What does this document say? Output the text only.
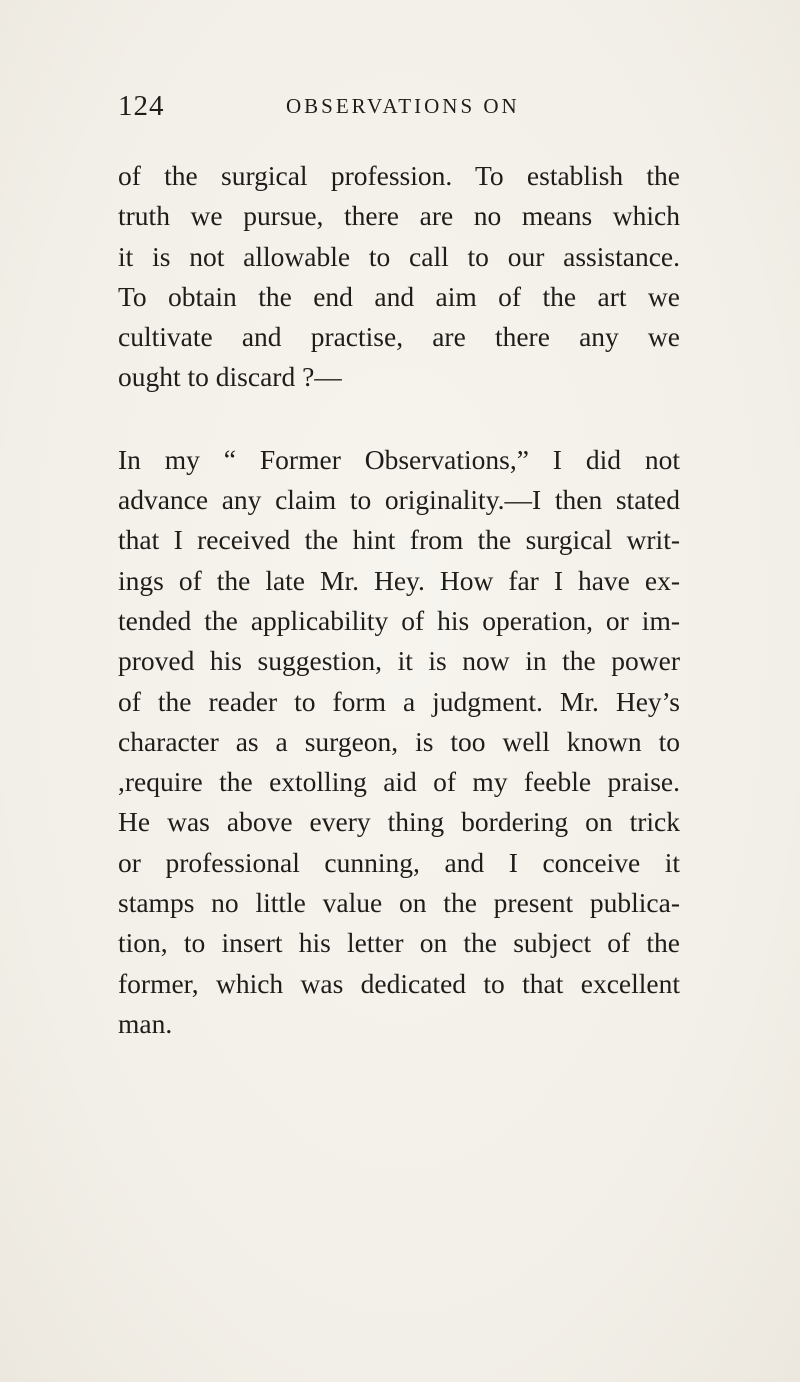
124	OBSERVATIONS ON
of the surgical profession. To establish the
truth we pursue, there are no means which
it is not allowable to call to our assistance.
To obtain the end and aim of the art we
cultivate and practise, are there any we
ought to discard ?—
In my “ Former Observations,” I did not
advance any claim to originality.—I then stated
that I received the hint from the surgical writ-
ings of the late Mr. Hey. How far I have ex-
tended the applicability of his operation, or im-
proved his suggestion, it is now in the power
of the reader to form a judgment. Mr. Hey’s
character as a surgeon, is too well known to
,require the extolling aid of my feeble praise.
He was above every thing bordering on trick
or professional cunning, and I conceive it
stamps no little value on the present publica-
tion, to insert his letter on the subject of the
former, which was dedicated to that excellent
man.
